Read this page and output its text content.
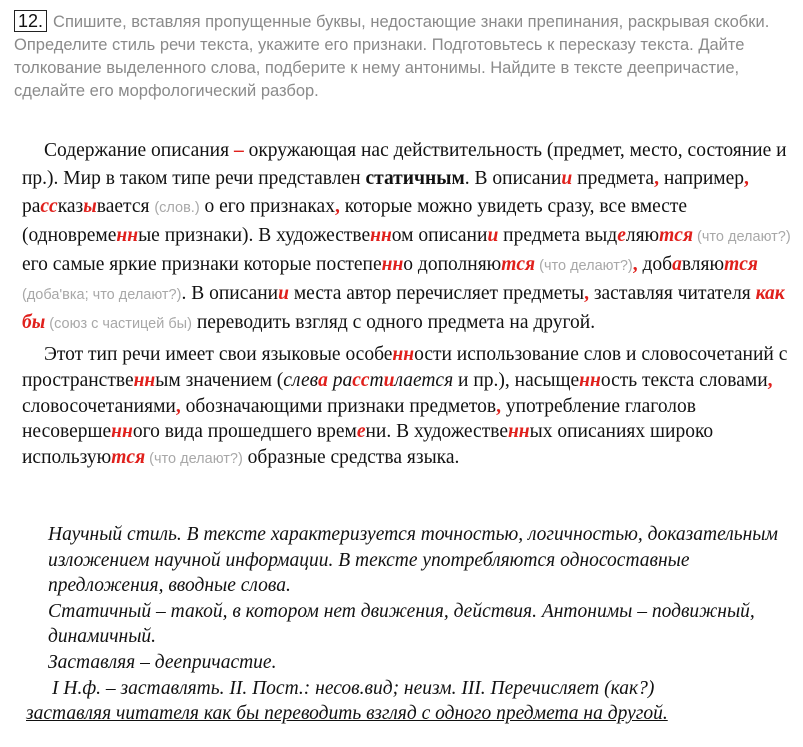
12. Спишите, вставляя пропущенные буквы, недостающие знаки препинания, раскрывая скобки. Определите стиль речи текста, укажите его признаки. Подготовьтесь к пересказу текста. Дайте толкование выделенного слова, подберите к нему антонимы. Найдите в тексте деепричастие, сделайте его морфологический разбор.

Содержание описания – окружающая нас действительность (предмет, место, состояние и пр.). Мир в таком типе речи представлен статичным. В описании предмета, например, рассказывается (слов.) о его признаках, которые можно увидеть сразу, все вместе (одновременные признаки). В художественном описании предмета выделяются (что делают?) его самые яркие признаки которые постепенно дополняются (что делают?), добавляются (доба'вка; что делают?). В описании места автор перечисляет предметы, заставляя читателя как бы (союз с частицей бы) переводить взгляд с одного предмета на другой.

Этот тип речи имеет свои языковые особенности использование слов и словосочетаний с пространственным значением (слева расстилается и пр.), насыщенность текста словами, словосочетаниями, обозначающими признаки предметов, употребление глаголов несовершенного вида прошедшего времени. В художественных описаниях широко используются (что делают?) образные средства языка.

Научный стиль. В тексте характеризуется точностью, логичностью, доказательным изложением научной информации. В тексте употребляются односоставные предложения, вводные слова.

Статичный – такой, в котором нет движения, действия. Антонимы – подвижный, динамичный.

Заставляя – деепричастие.

I Н.ф. – заставлять. II. Пост.: несов.вид; неизм. III. Перечисляет (как?)

заставляя читателя как бы переводить взгляд с одного предмета на другой.
